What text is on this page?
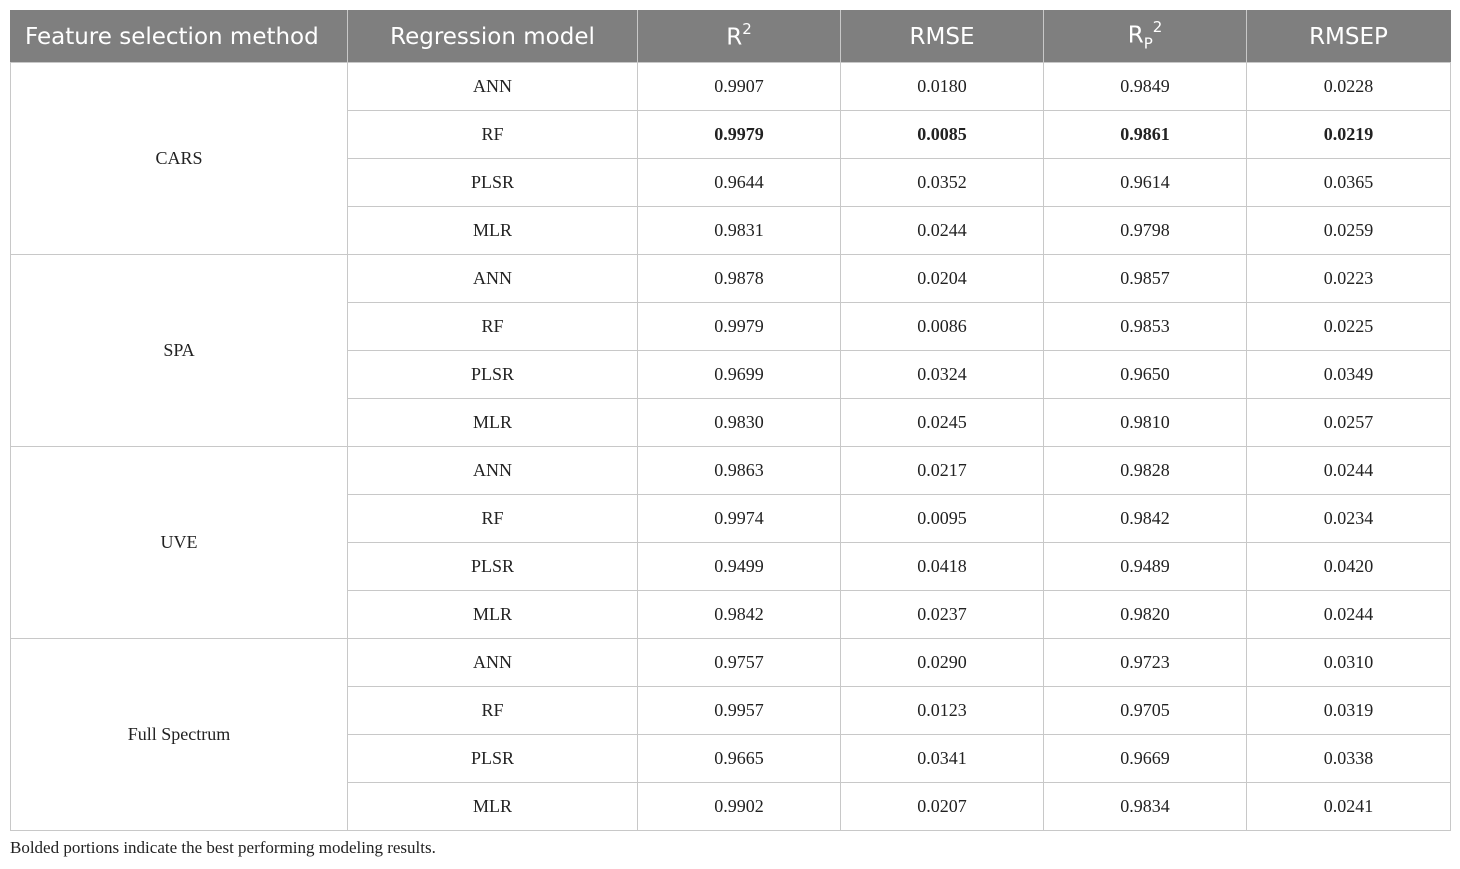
Feature selection method	Regression model	$R^2$	RMSE	$R_P^2$	RMSEP
CARS	ANN	0.9907	0.0180	0.9849	0.0228
	RF	0.9979	0.0085	0.9861	0.0219
	PLSR	0.9644	0.0352	0.9614	0.0365
	MLR	0.9831	0.0244	0.9798	0.0259
SPA	ANN	0.9878	0.0204	0.9857	0.0223
	RF	0.9979	0.0086	0.9853	0.0225
	PLSR	0.9699	0.0324	0.9650	0.0349
	MLR	0.9830	0.0245	0.9810	0.0257
UVE	ANN	0.9863	0.0217	0.9828	0.0244
	RF	0.9974	0.0095	0.9842	0.0234
	PLSR	0.9499	0.0418	0.9489	0.0420
	MLR	0.9842	0.0237	0.9820	0.0244
Full Spectrum	ANN	0.9757	0.0290	0.9723	0.0310
	RF	0.9957	0.0123	0.9705	0.0319
	PLSR	0.9665	0.0341	0.9669	0.0338
	MLR	0.9902	0.0207	0.9834	0.0241
Bolded portions indicate the best performing modeling results.
